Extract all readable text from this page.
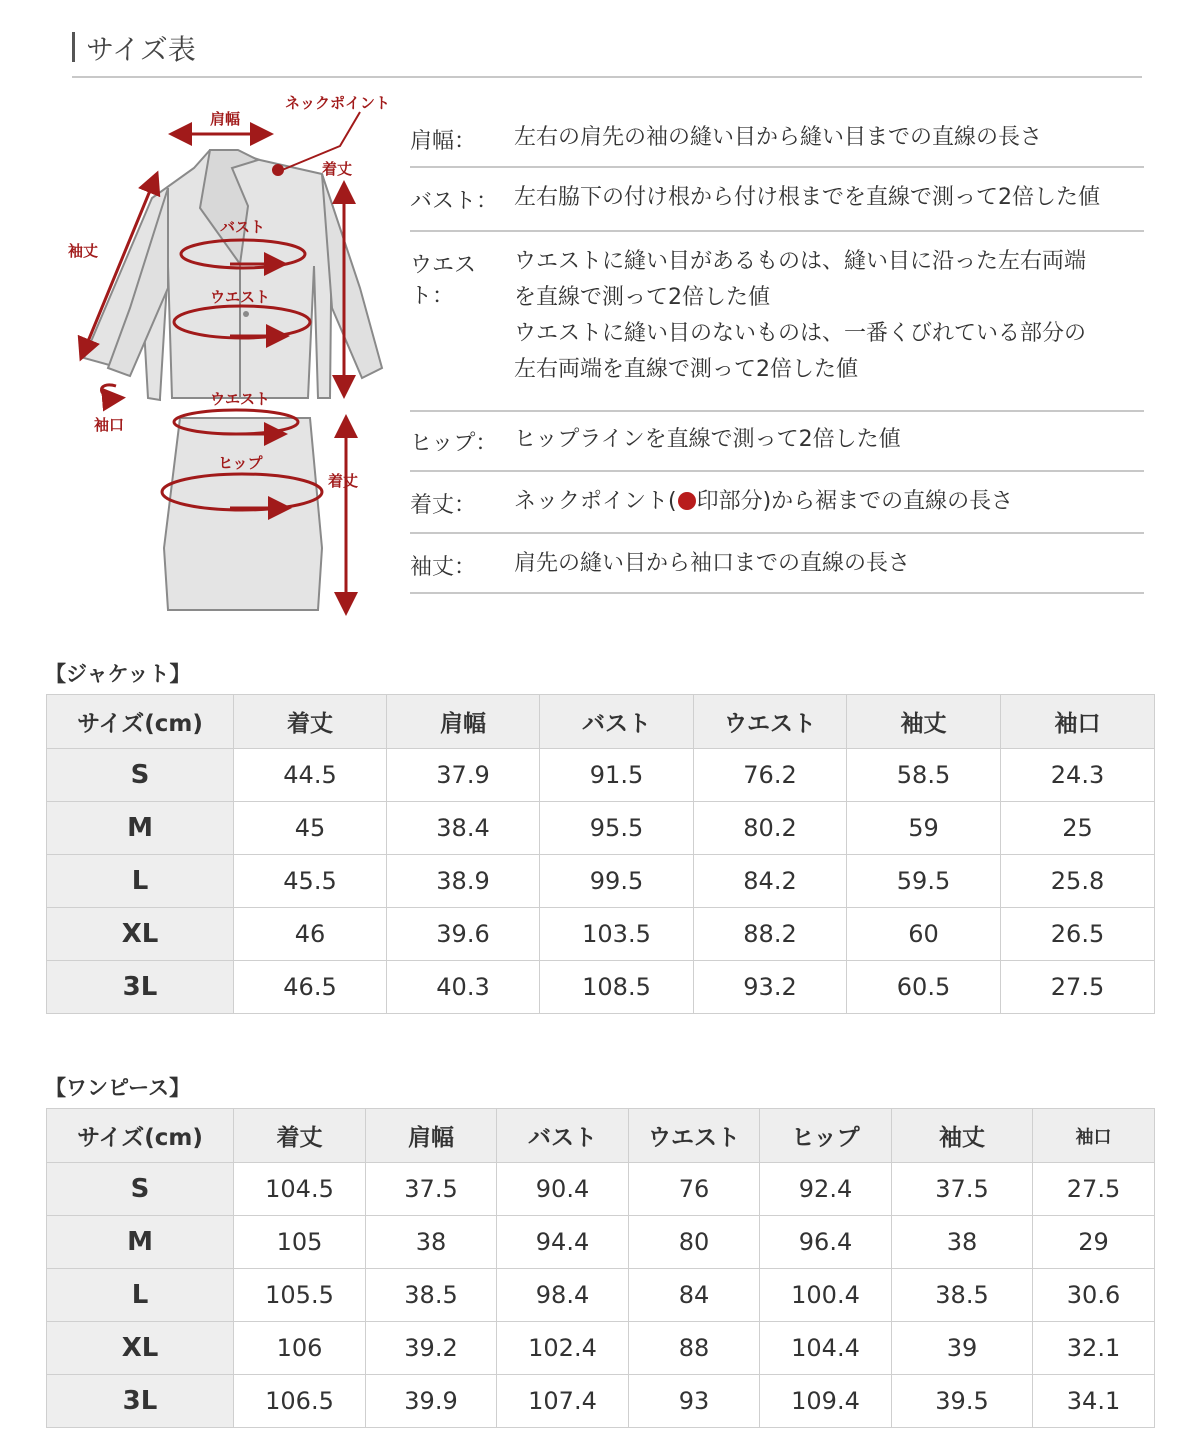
サイズ表
肩幅
ネックポイント
着丈
袖丈
バスト
ウエスト
袖口
ウエスト
ヒップ
着丈
肩幅：	左右の肩先の袖の縫い目から縫い目までの直線の長さ
バスト： 左右脇下の付け根から付け根までを直線で測って2倍した値
ウエスト：
ウエストに縫い目があるものは、縫い目に沿った左右両端
を直線で測って2倍した値
ウエストに縫い目のないものは、一番くびれている部分の
左右両端を直線で測って2倍した値
ヒップ： ヒップラインを直線で測って2倍した値
着丈：	ネックポイント( 印部分)から裾までの直線の長さ
袖丈：	肩先の縫い目から袖口までの直線の長さ
【ジャケット】
サイズ(cm)	着丈	肩幅	バスト	ウエスト	袖丈	袖口
S	44.5	37.9	91.5	76.2	58.5	24.3
M	45	38.4	95.5	80.2	59	25
L	45.5	38.9	99.5	84.2	59.5	25.8
XL	46	39.6	103.5	88.2	60	26.5
3L	46.5	40.3	108.5	93.2	60.5	27.5
【ワンピース】
サイズ(cm)	着丈	肩幅	バスト	ウエスト	ヒップ	袖丈	袖口
S	104.5	37.5	90.4	76	92.4	37.5	27.5
M	105	38	94.4	80	96.4	38	29
L	105.5	38.5	98.4	84	100.4	38.5	30.6
XL	106	39.2	102.4	88	104.4	39	32.1
3L	106.5	39.9	107.4	93	109.4	39.5	34.1
